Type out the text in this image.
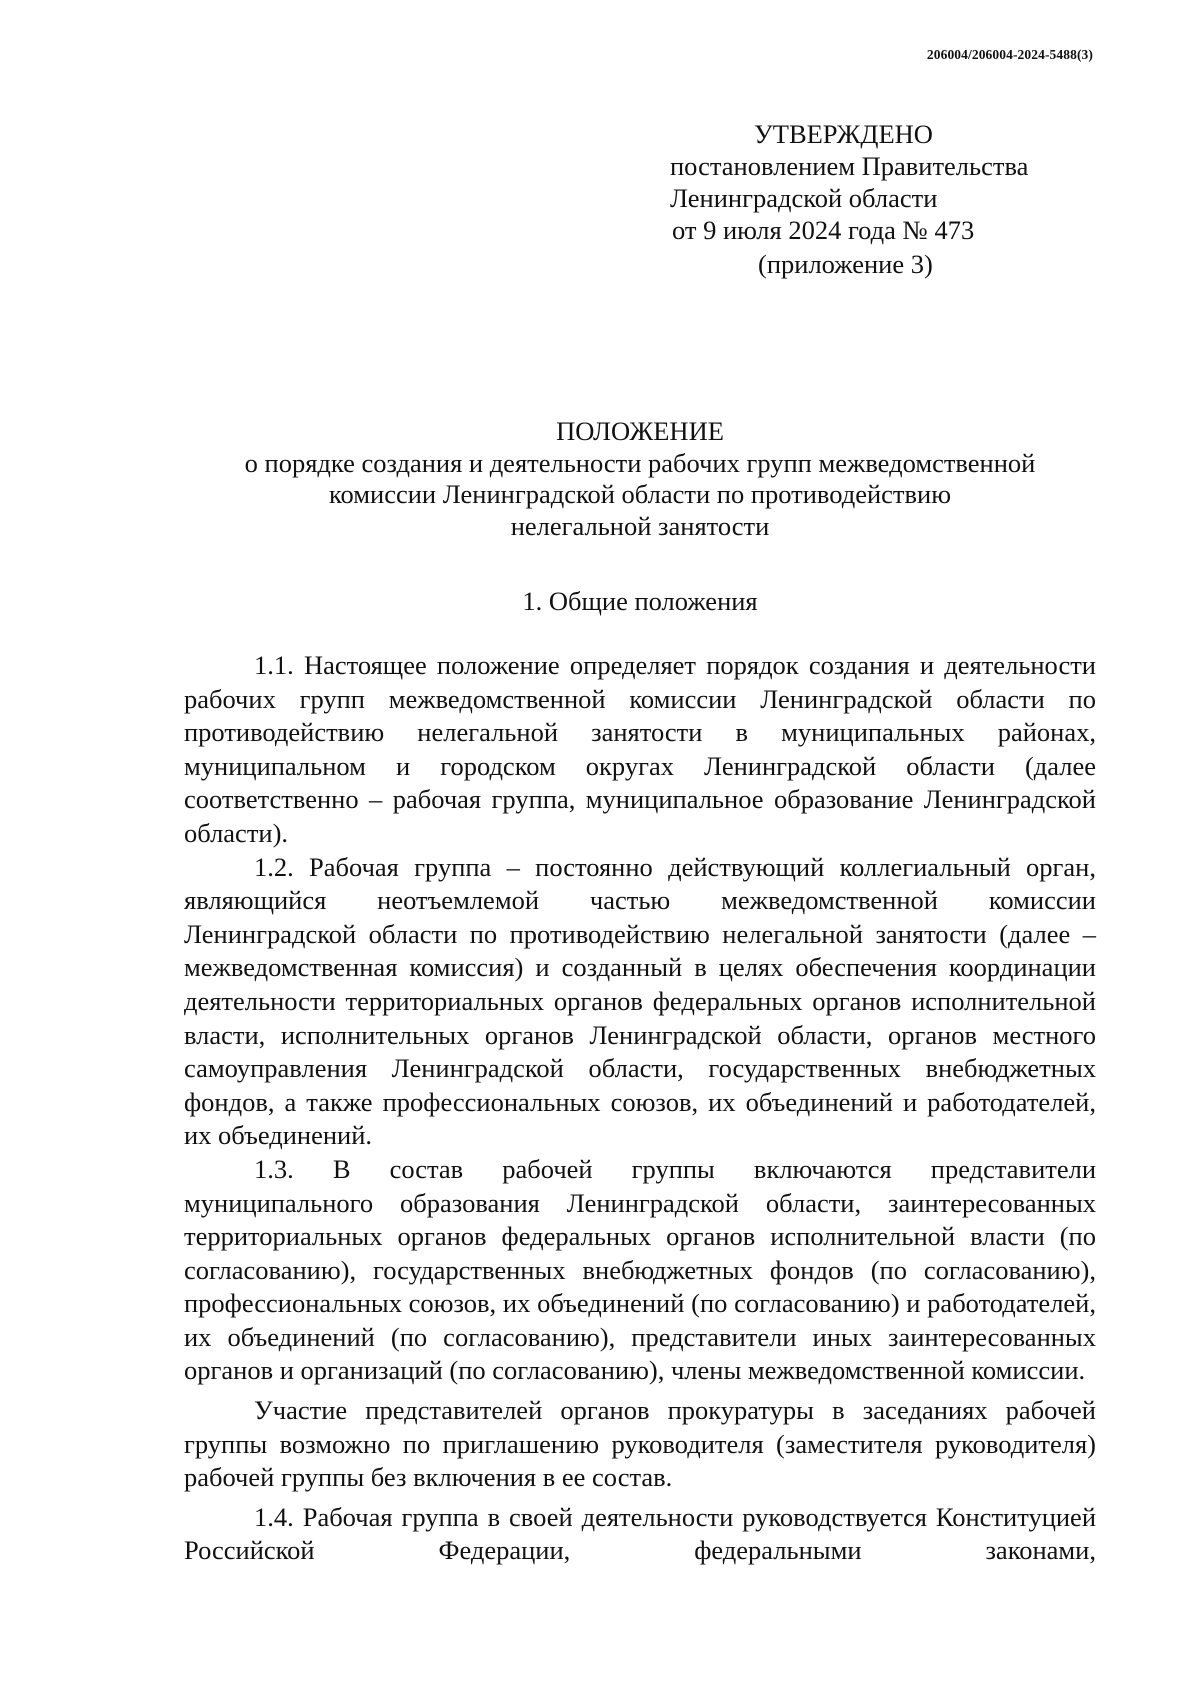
206004/206004-2024-5488(3)
УТВЕРЖДЕНО
постановлением Правительства
Ленинградской области
от 9 июля 2024 года № 473
(приложение 3)
ПОЛОЖЕНИЕ
о порядке создания и деятельности рабочих групп межведомственной
комиссии Ленинградской области по противодействию
нелегальной занятости
1. Общие положения

1.1. Настоящее положение определяет порядок создания и деятельности рабочих групп межведомственной комиссии Ленинградской области по противодействию нелегальной занятости в муниципальных районах, муниципальном и городском округах Ленинградской области (далее соответственно – рабочая группа, муниципальное образование Ленинградской области).

1.2. Рабочая группа – постоянно действующий коллегиальный орган, являющийся неотъемлемой частью межведомственной комиссии Ленинградской области по противодействию нелегальной занятости (далее – межведомственная комиссия) и созданный в целях обеспечения координации деятельности территориальных органов федеральных органов исполнительной власти, исполнительных органов Ленинградской области, органов местного самоуправления Ленинградской области, государственных внебюджетных фондов, а также профессиональных союзов, их объединений и работодателей, их объединений.

1.3. В состав рабочей группы включаются представители муниципального образования Ленинградской области, заинтересованных территориальных органов федеральных органов исполнительной власти (по согласованию), государственных внебюджетных фондов (по согласованию), профессиональных союзов, их объединений (по согласованию) и работодателей, их объединений (по согласованию), представители иных заинтересованных органов и организаций (по согласованию), члены межведомственной комиссии.

Участие представителей органов прокуратуры в заседаниях рабочей группы возможно по приглашению руководителя (заместителя руководителя) рабочей группы без включения в ее состав.

1.4. Рабочая группа в своей деятельности руководствуется Конституцией Российской Федерации, федеральными законами,
